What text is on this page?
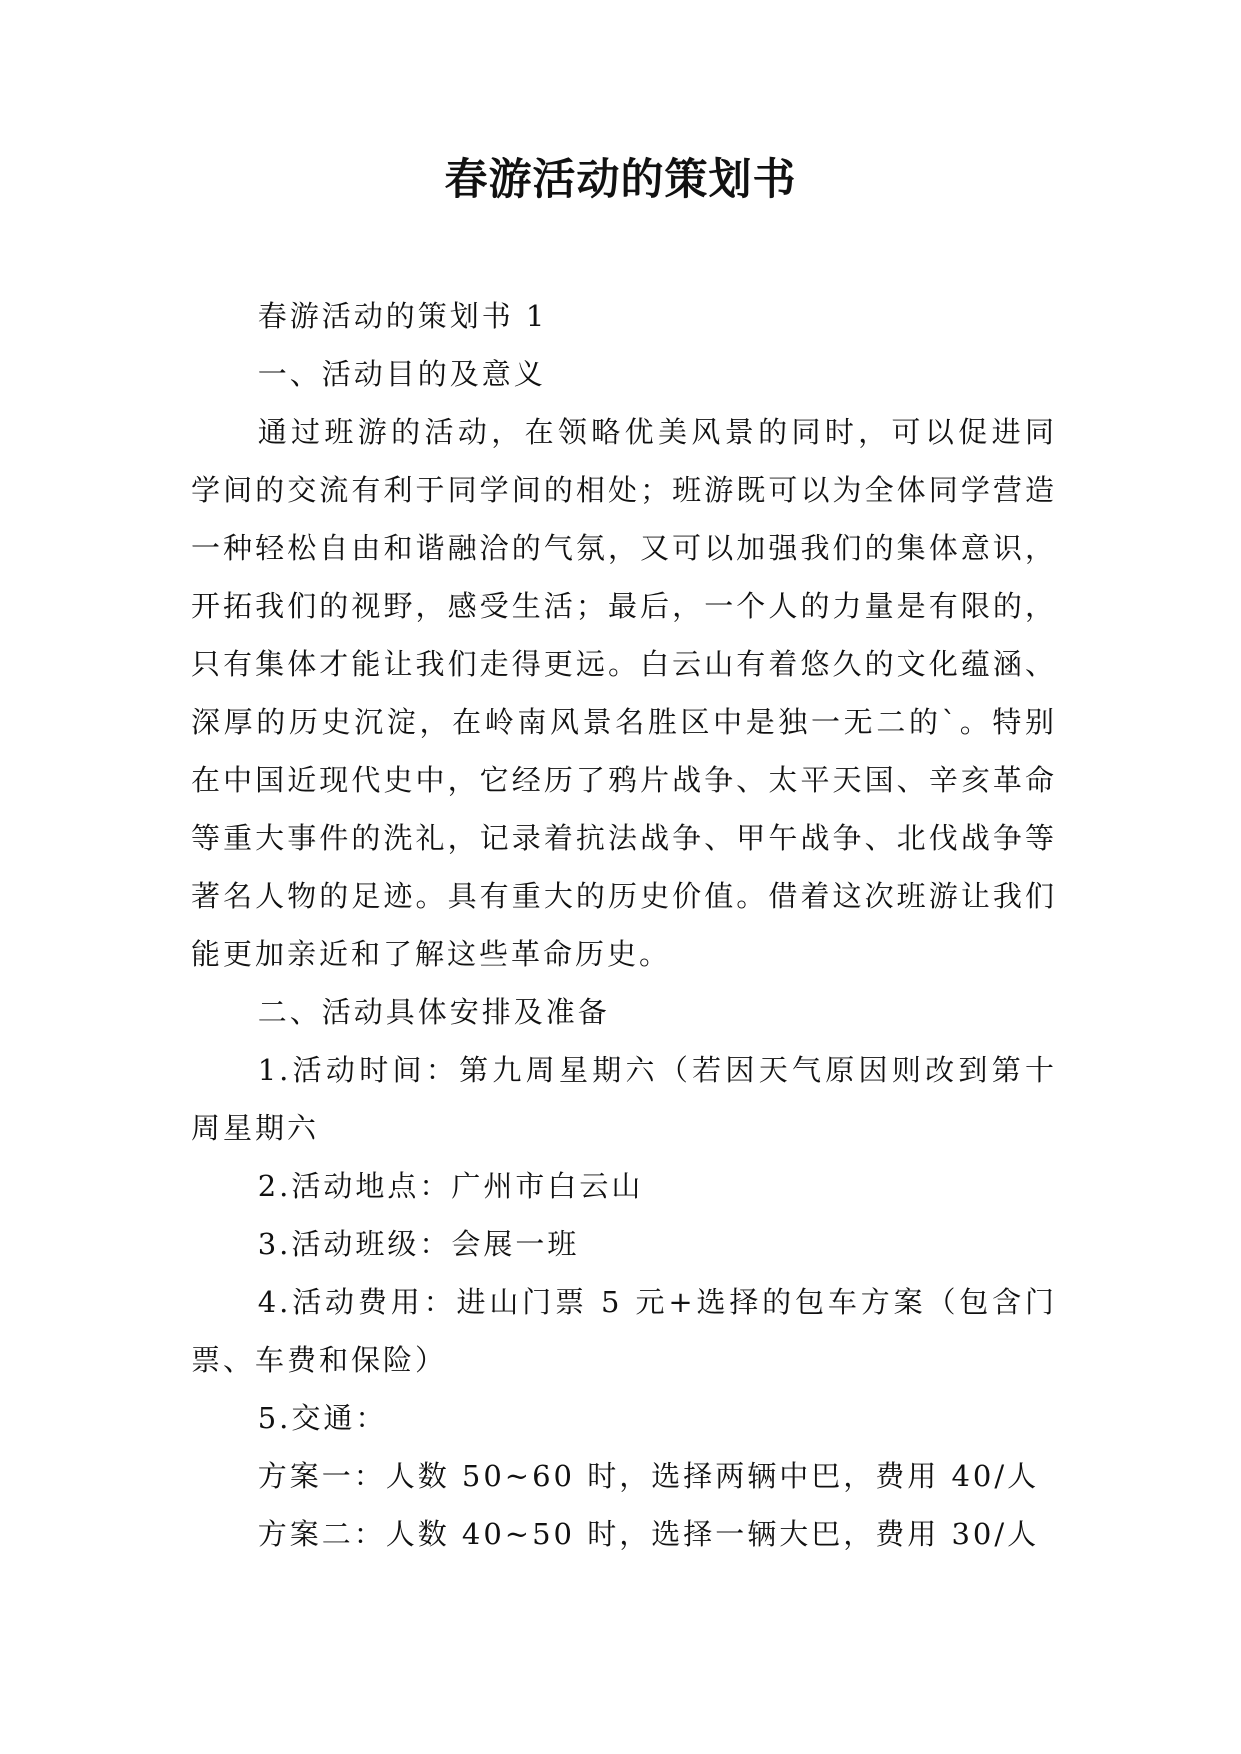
春游活动的策划书

春游活动的策划书 1

一、活动目的及意义

通过班游的活动，在领略优美风景的同时，可以促进同学间的交流有利于同学间的相处；班游既可以为全体同学营造一种轻松自由和谐融洽的气氛，又可以加强我们的集体意识，开拓我们的视野，感受生活；最后，一个人的力量是有限的，只有集体才能让我们走得更远。白云山有着悠久的文化蕴涵、深厚的历史沉淀，在岭南风景名胜区中是独一无二的`。特别在中国近现代史中，它经历了鸦片战争、太平天国、辛亥革命等重大事件的洗礼，记录着抗法战争、甲午战争、北伐战争等著名人物的足迹。具有重大的历史价值。借着这次班游让我们能更加亲近和了解这些革命历史。

二、活动具体安排及准备

1.活动时间：第九周星期六（若因天气原因则改到第十周星期六

2.活动地点：广州市白云山

3.活动班级：会展一班

4.活动费用：进山门票 5 元+选择的包车方案（包含门票、车费和保险）

5.交通：

方案一：人数 50~60 时，选择两辆中巴，费用 40/人

方案二：人数 40~50 时，选择一辆大巴，费用 30/人
